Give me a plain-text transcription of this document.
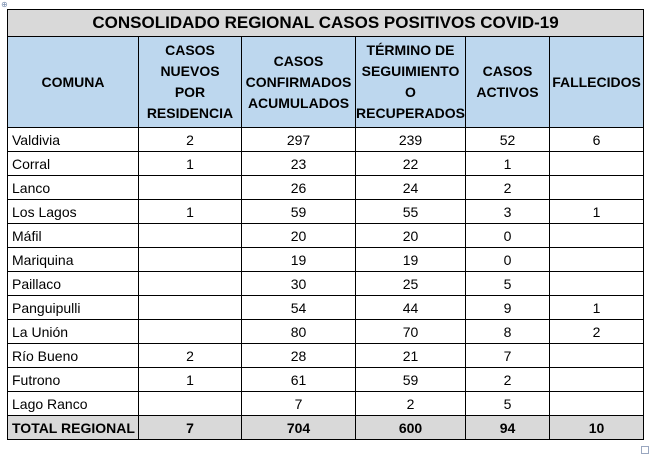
⊕
CONSOLIDADO REGIONAL CASOS POSITIVOS COVID-19					
COMUNA	CASOS
NUEVOS
POR
RESIDENCIA	CASOS
CONFIRMADOS
ACUMULADOS	TÉRMINO DE
SEGUIMIENTO
O
RECUPERADOS	CASOS
ACTIVOS	FALLECIDOS
Valdivia	2	297	239	52	6
Corral	1	23	22	1	
Lanco		26	24	2	
Los Lagos	1	59	55	3	1
Máfil		20	20	0	
Mariquina		19	19	0	
Paillaco		30	25	5	
Panguipulli		54	44	9	1
La Unión		80	70	8	2
Río Bueno	2	28	21	7	
Futrono	1	61	59	2	
Lago Ranco		7	2	5	
TOTAL REGIONAL	7	704	600	94	10
